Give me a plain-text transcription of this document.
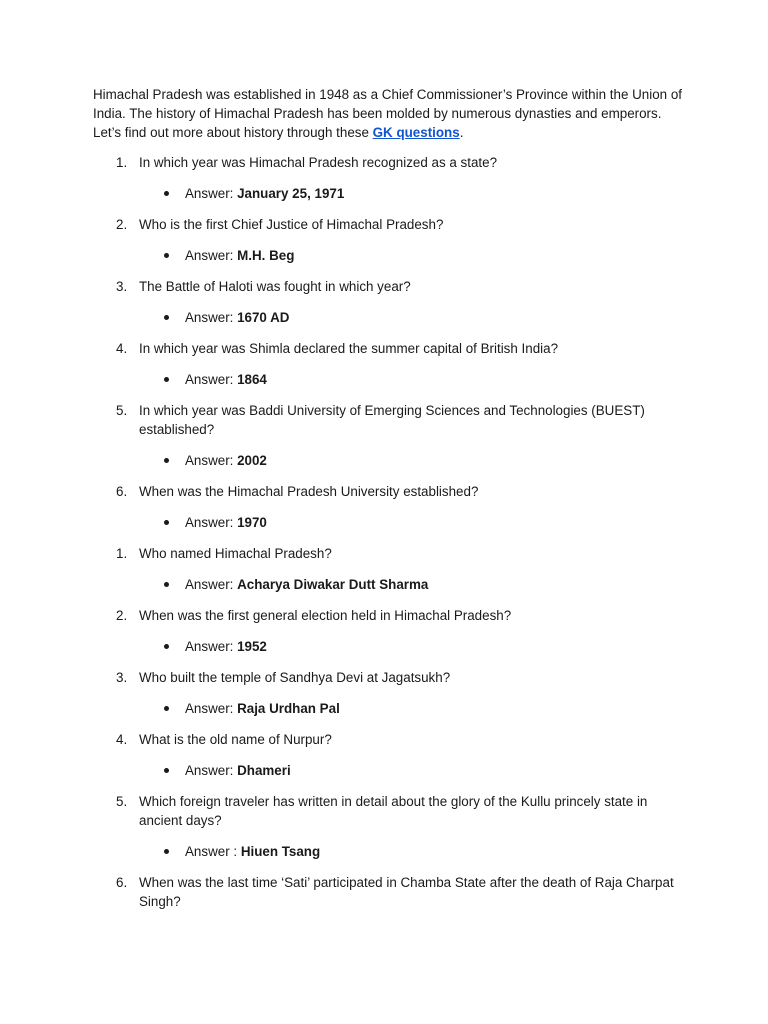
Himachal Pradesh was established in 1948 as a Chief Commissioner’s Province within the Union of India. The history of Himachal Pradesh has been molded by numerous dynasties and emperors. Let’s find out more about history through these GK questions.

1. In which year was Himachal Pradesh recognized as a state?
Answer: January 25, 1971
2. Who is the first Chief Justice of Himachal Pradesh?
Answer: M.H. Beg
3. The Battle of Haloti was fought in which year?
Answer: 1670 AD
4. In which year was Shimla declared the summer capital of British India?
Answer: 1864
5. In which year was Baddi University of Emerging Sciences and Technologies (BUEST) established?
Answer: 2002
6. When was the Himachal Pradesh University established?
Answer: 1970
1. Who named Himachal Pradesh?
Answer: Acharya Diwakar Dutt Sharma
2. When was the first general election held in Himachal Pradesh?
Answer: 1952
3. Who built the temple of Sandhya Devi at Jagatsukh?
Answer: Raja Urdhan Pal
4. What is the old name of Nurpur?
Answer: Dhameri
5. Which foreign traveler has written in detail about the glory of the Kullu princely state in ancient days?
Answer : Hiuen Tsang
6. When was the last time ‘Sati’ participated in Chamba State after the death of Raja Charpat Singh?
